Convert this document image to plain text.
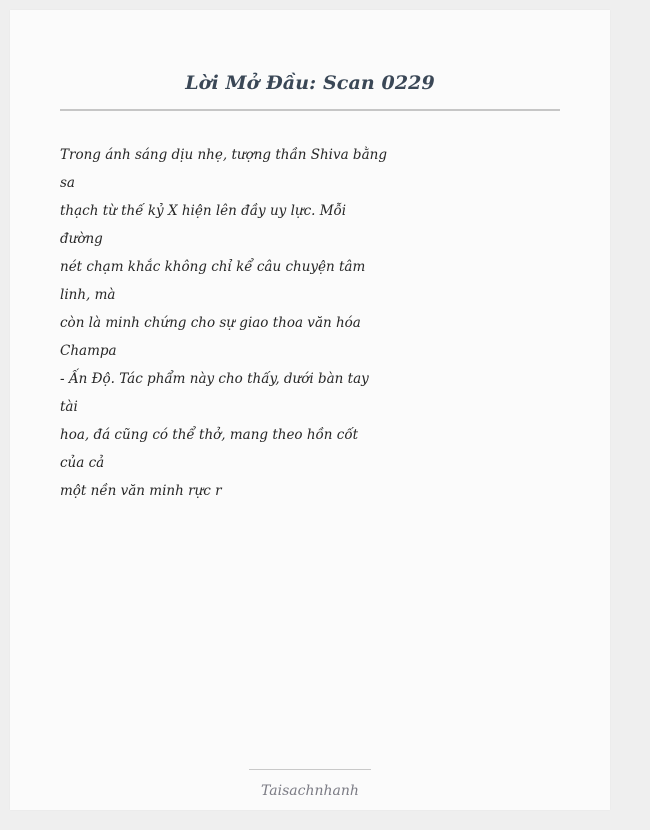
Lời Mở Đầu: Scan 0229
Trong ánh sáng dịu nhẹ, tượng thần Shiva bằng
sa
thạch từ thế kỷ X hiện lên đầy uy lực. Mỗi
đường
nét chạm khắc không chỉ kể câu chuyện tâm
linh, mà
còn là minh chứng cho sự giao thoa văn hóa
Champa
- Ấn Độ. Tác phẩm này cho thấy, dưới bàn tay
tài
hoa, đá cũng có thể thở, mang theo hồn cốt
của cả
một nền văn minh rực r
Taisachnhanh
